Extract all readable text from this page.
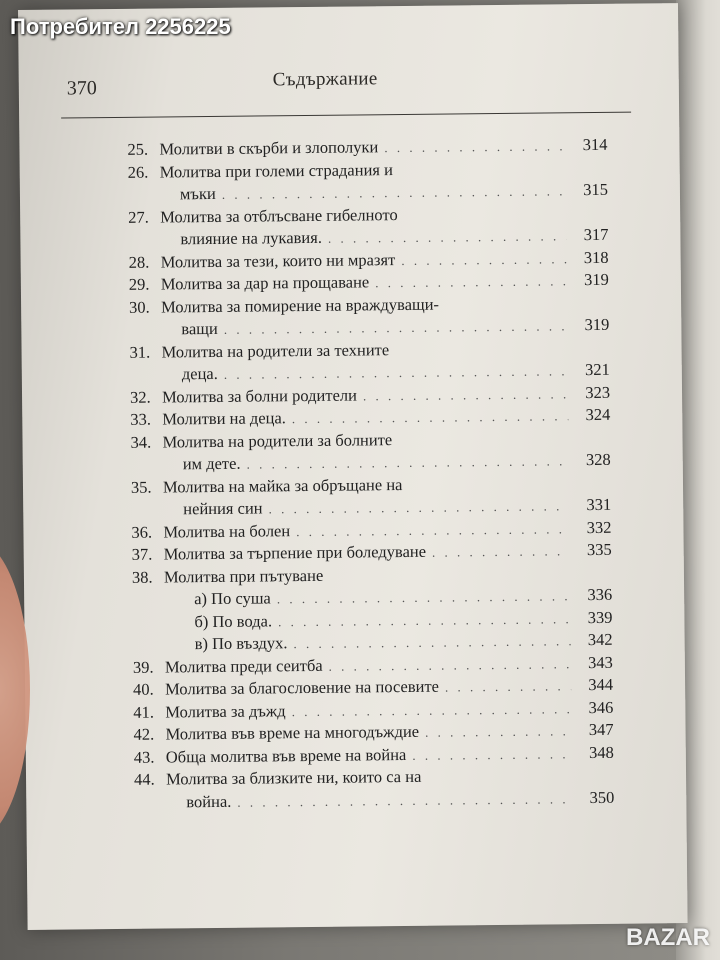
370	Съдържание
25. Молитви в скърби и злополуки . . .	314
26. Молитва при големи страдания и
мъки . . .	315
27. Молитва за отблъсване гибелното
влияние на лукавия. . . .	317
28. Молитва за тези, които ни мразят . . .	318
29. Молитва за дар на прощаване . . .	319
30. Молитва за помирение на враждуващи-
ващи . . .	319
31. Молитва на родители за техните
деца. . . .	321
32. Молитва за болни родители . . .	323
33. Молитви на деца. . . .	324
34. Молитва на родители за болните
им дете. . . .	328
35. Молитва на майка за обръщане на
нейния син . . .	331
36. Молитва на болен . . .	332
37. Молитва за търпение при боледуване . . .	335
38. Молитва при пътуване
а) По суша . . .	336
б) По вода. . . .	339
в) По въздух. . . .	342
39. Молитва преди сеитба . . .	343
40. Молитва за благословение на посевите . . .	344
41. Молитва за дъжд . . .	346
42. Молитва във време на многодъждие . . .	347
43. Обща молитва във време на война . . .	348
44. Молитва за близките ни, които са на
война. . . .	350
Потребител 2256225
BAZAR
